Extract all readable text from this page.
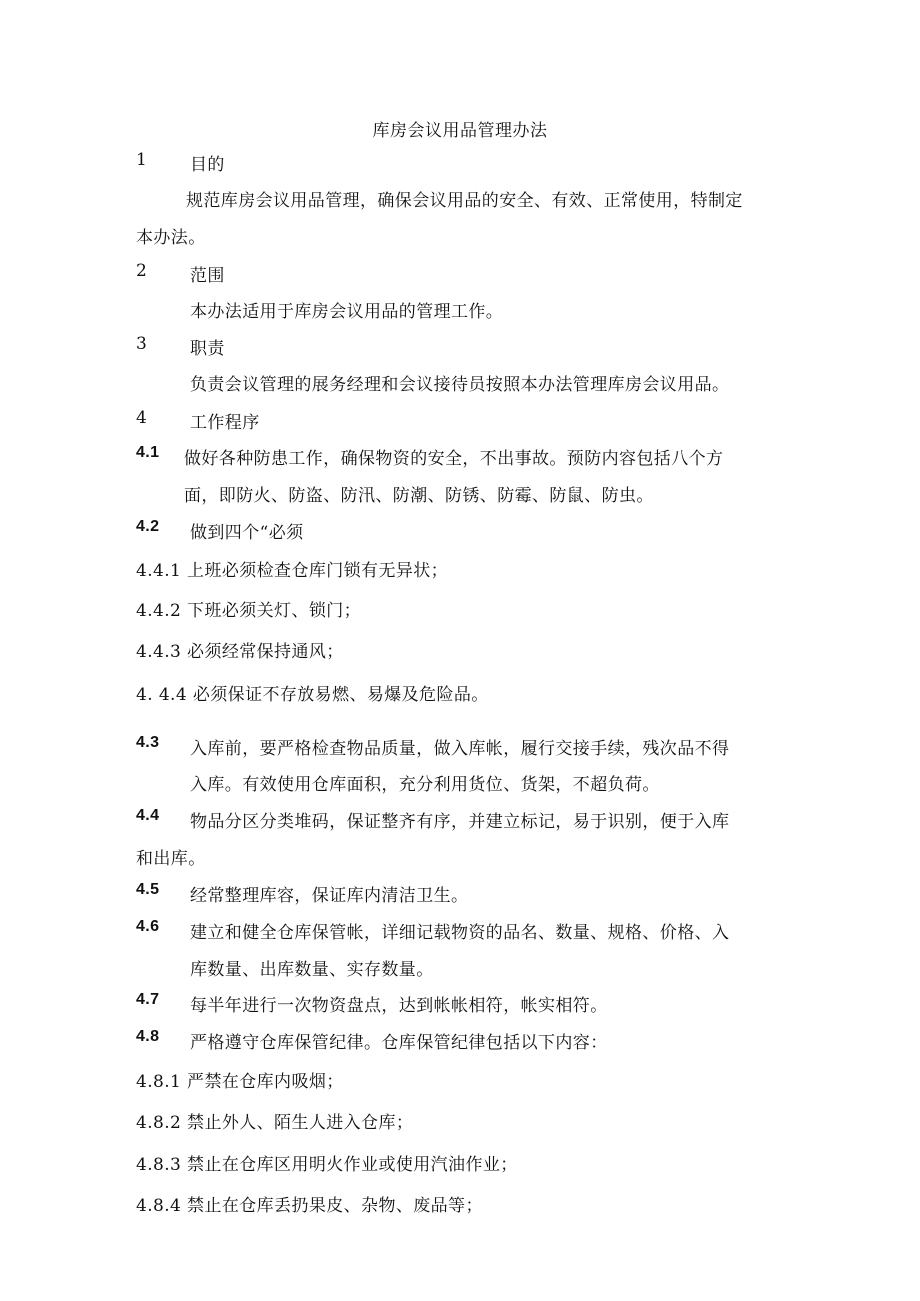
库房会议用品管理办法
1	目的
规范库房会议用品管理，确保会议用品的安全、有效、正常使用，特制定
本办法。
2	范围
本办法适用于库房会议用品的管理工作。
3	职责
负责会议管理的展务经理和会议接待员按照本办法管理库房会议用品。
4	工作程序
4.1 做好各种防患工作，确保物资的安全，不出事故。预防内容包括八个方
面，即防火、防盗、防汛、防潮、防锈、防霉、防鼠、防虫。
4.2 做到四个“必须
4.4.1 上班必须检查仓库门锁有无异状；
4.4.2 下班必须关灯、锁门；
4.4.3 必须经常保持通风；
4. 4.4 必须保证不存放易燃、易爆及危险品。
4.3 入库前，要严格检查物品质量，做入库帐，履行交接手续，残次品不得
入库。有效使用仓库面积，充分利用货位、货架，不超负荷。
4.4 物品分区分类堆码，保证整齐有序，并建立标记，易于识别，便于入库
和出库。
4.5 经常整理库容，保证库内清洁卫生。
4.6 建立和健全仓库保管帐，详细记载物资的品名、数量、规格、价格、入
库数量、出库数量、实存数量。
4.7 每半年进行一次物资盘点，达到帐帐相符，帐实相符。
4.8 严格遵守仓库保管纪律。仓库保管纪律包括以下内容：
4.8.1 严禁在仓库内吸烟；
4.8.2 禁止外人、陌生人进入仓库；
4.8.3 禁止在仓库区用明火作业或使用汽油作业；
4.8.4 禁止在仓库丢扔果皮、杂物、废品等；
